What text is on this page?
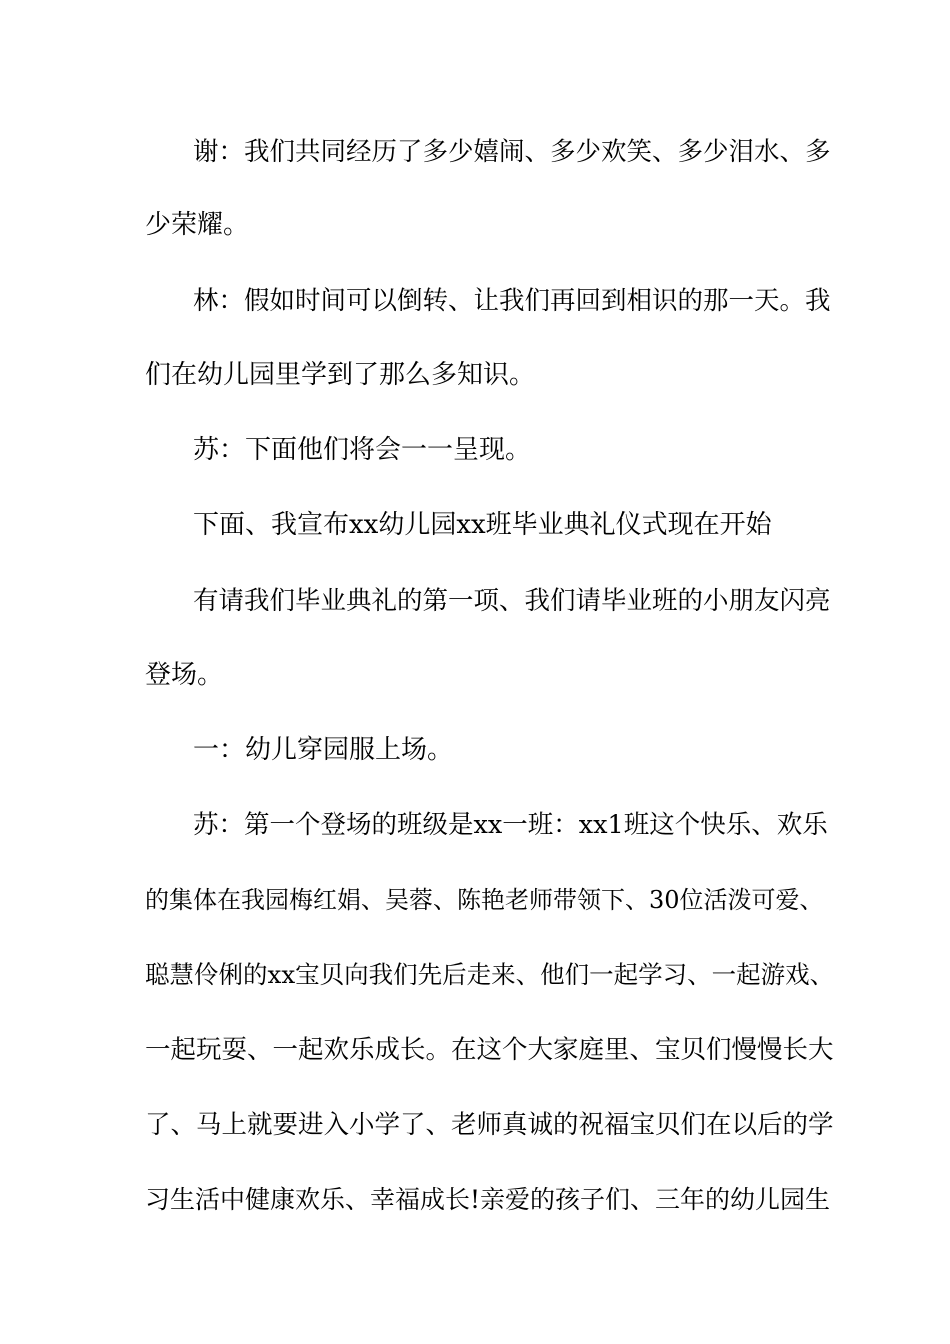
谢：我们共同经历了多少嬉闹、多少欢笑、多少泪水、多
少荣耀。
林：假如时间可以倒转、让我们再回到相识的那一天。我
们在幼儿园里学到了那么多知识。
苏：下面他们将会一一呈现。
下面、我宣布xx幼儿园xx班毕业典礼仪式现在开始
有请我们毕业典礼的第一项、我们请毕业班的小朋友闪亮
登场。
一：幼儿穿园服上场。
苏：第一个登场的班级是xx一班：xx1班这个快乐、欢乐
的集体在我园梅红娟、吴蓉、陈艳老师带领下、30位活泼可爱、
聪慧伶俐的xx宝贝向我们先后走来、他们一起学习、一起游戏、
一起玩耍、一起欢乐成长。在这个大家庭里、宝贝们慢慢长大
了、马上就要进入小学了、老师真诚的祝福宝贝们在以后的学
习生活中健康欢乐、幸福成长!亲爱的孩子们、三年的幼儿园生
